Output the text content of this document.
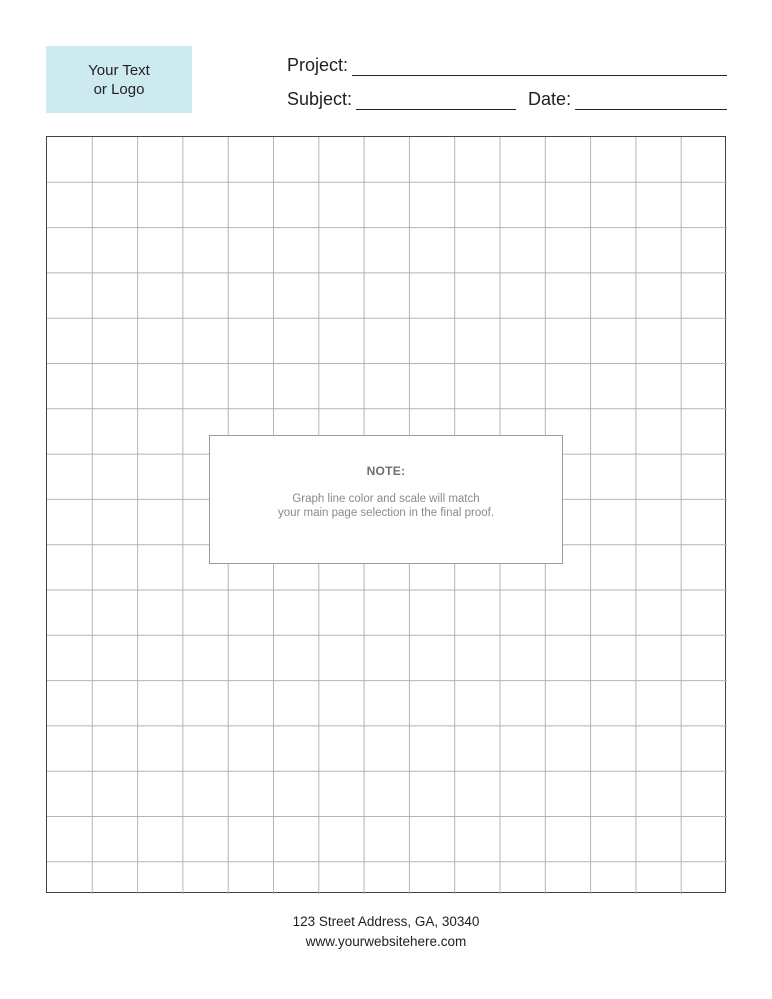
Your Text
or Logo
Project:
Subject:	Date:
NOTE:
Graph line color and scale will match
your main page selection in the final proof.
123 Street Address, GA, 30340
www.yourwebsitehere.com
